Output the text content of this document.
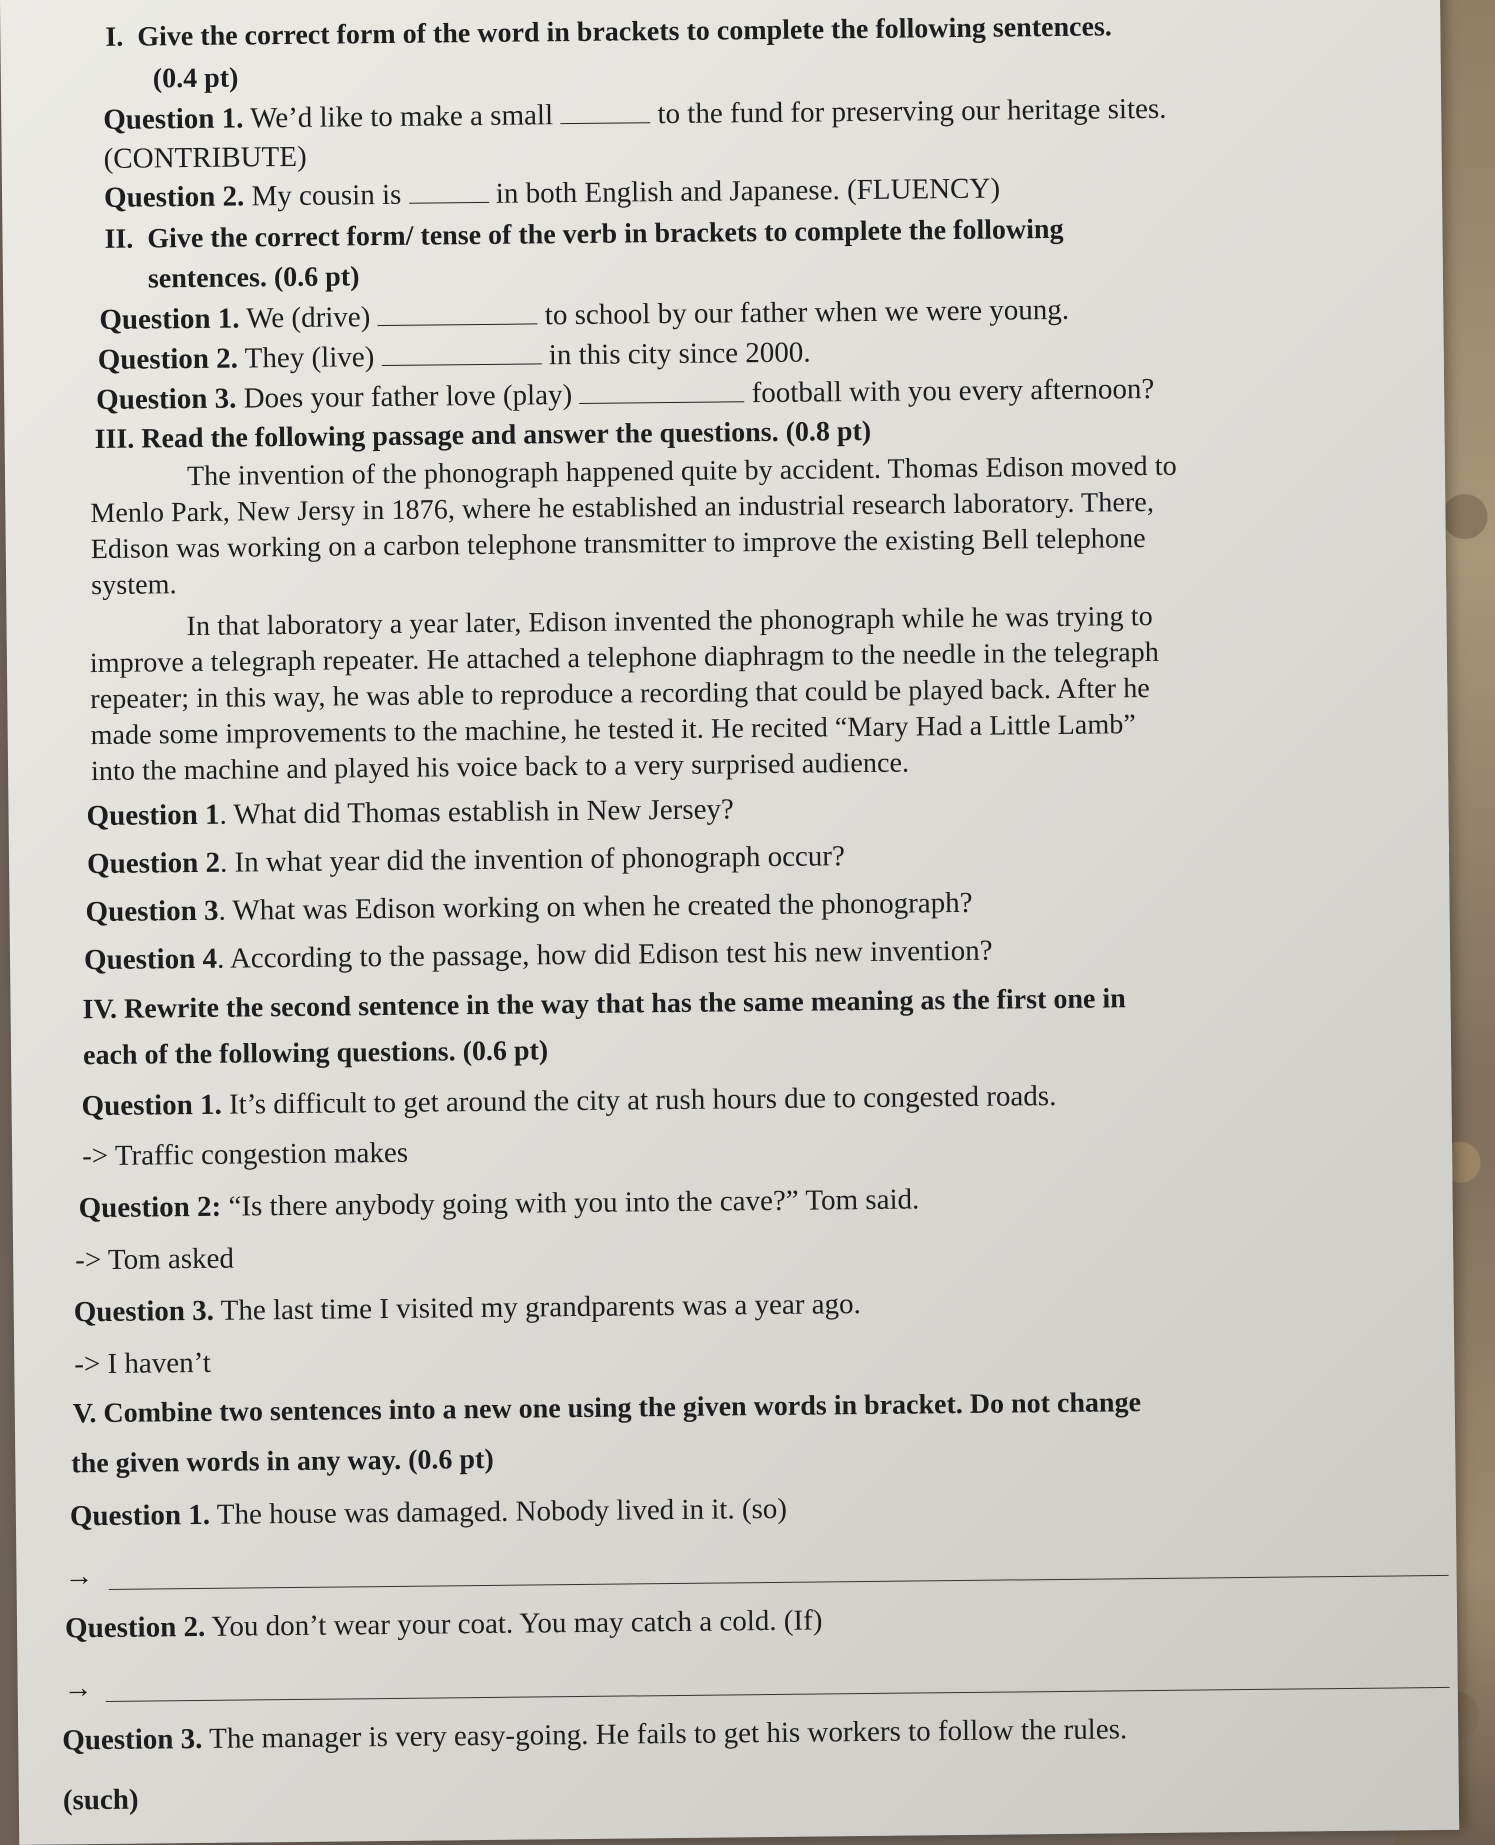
I.  Give the correct form of the word in brackets to complete the following sentences.
(0.4 pt)
Question 1. We’d like to make a small	to the fund for preserving our heritage sites.
(CONTRIBUTE)
Question 2. My cousin is	in both English and Japanese. (FLUENCY)
II.  Give the correct form/ tense of the verb in brackets to complete the following
sentences. (0.6 pt)
Question 1. We (drive)	to school by our father when we were young.
Question 2. They (live)	in this city since 2000.
Question 3. Does your father love (play)	football with you every afternoon?
III. Read the following passage and answer the questions. (0.8 pt)
The invention of the phonograph happened quite by accident. Thomas Edison moved to
Menlo Park, New Jersy in 1876, where he established an industrial research laboratory. There,
Edison was working on a carbon telephone transmitter to improve the existing Bell telephone
system.
In that laboratory a year later, Edison invented the phonograph while he was trying to
improve a telegraph repeater. He attached a telephone diaphragm to the needle in the telegraph
repeater; in this way, he was able to reproduce a recording that could be played back. After he
made some improvements to the machine, he tested it. He recited “Mary Had a Little Lamb”
into the machine and played his voice back to a very surprised audience.
Question 1. What did Thomas establish in New Jersey?
Question 2. In what year did the invention of phonograph occur?
Question 3. What was Edison working on when he created the phonograph?
Question 4. According to the passage, how did Edison test his new invention?
IV. Rewrite the second sentence in the way that has the same meaning as the first one in
each of the following questions. (0.6 pt)
Question 1. It’s difficult to get around the city at rush hours due to congested roads.
-> Traffic congestion makes
Question 2: “Is there anybody going with you into the cave?” Tom said.
-> Tom asked
Question 3. The last time I visited my grandparents was a year ago.
-> I haven’t
V. Combine two sentences into a new one using the given words in bracket. Do not change
the given words in any way. (0.6 pt)
Question 1. The house was damaged. Nobody lived in it. (so)
→
Question 2. You don’t wear your coat. You may catch a cold. (If)
→
Question 3. The manager is very easy-going. He fails to get his workers to follow the rules.
(such)
